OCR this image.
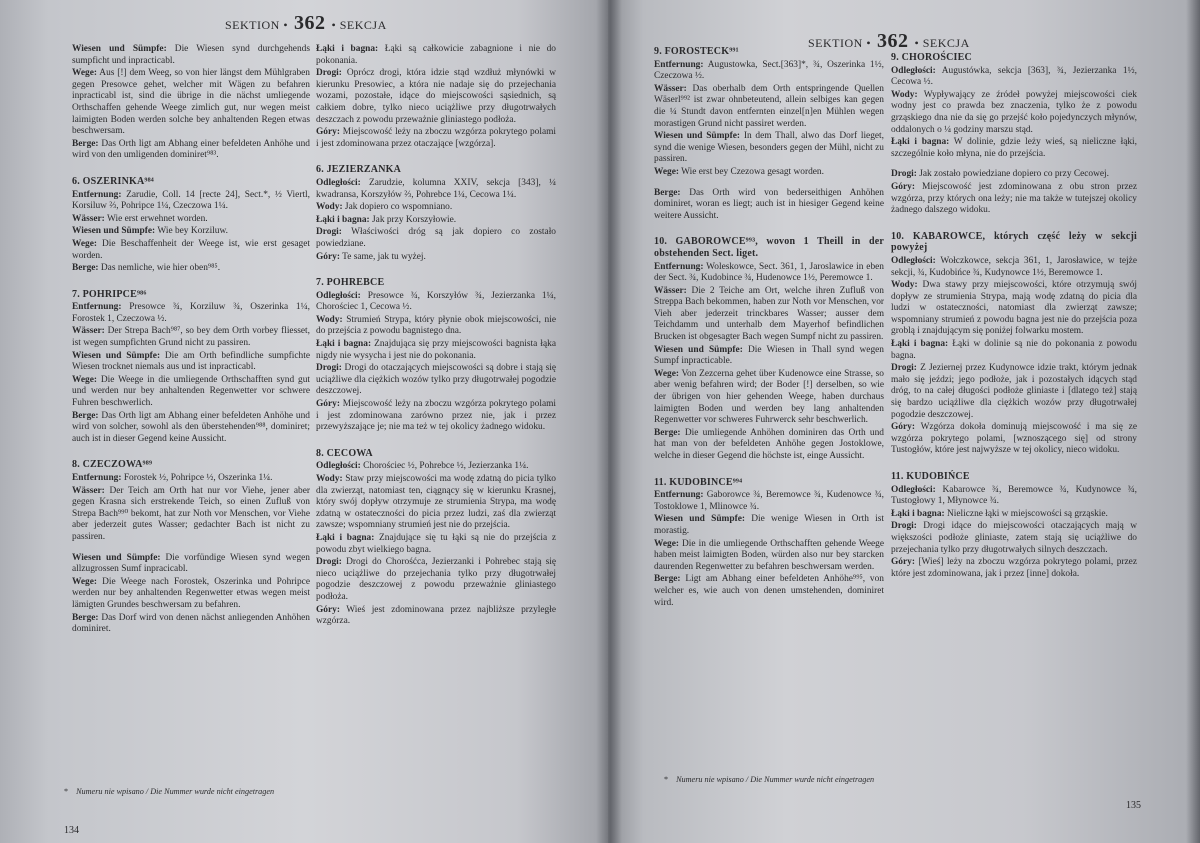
SEKTION • 362 • SEKCJA
Wiesen und Sümpfe: Die Wiesen synd durchgehends sumpficht und inpracticabl.
Wege: Aus [!] dem Weeg, so von hier längst dem Mühlgraben gegen Presowce gehet, welcher mit Wägen zu befahren inpracticabl ist, sind die übrige in die nächst umliegende Orthschaffen gehende Weege zimlich gut, nur wegen meist laimigten Boden werden solche bey anhaltenden Regen etwas beschwersam.
Berge: Das Orth ligt am Abhang einer befeldeten Anhöhe und wird von den umligenden dominiret⁹⁸³.
6. OSZERINKA⁹⁸⁴
Entfernung: Zarudie, Coll. 14 [recte 24], Sect.*, ½ Viertl, Korsiluw ⅔, Pohripce 1¼, Czeczowa 1¼.
Wässer: Wie erst erwehnet worden.
Wiesen und Sümpfe: Wie bey Korziluw.
Wege: Die Beschaffenheit der Weege ist, wie erst gesaget worden.
Berge: Das nemliche, wie hier oben⁹⁸⁵.
7. POHRIPCE⁹⁸⁶
Entfernung: Presowce ¾, Korziluw ¾, Oszerinka 1¼, Forostek 1, Czeczowa ½.
Wässer: Der Strepa Bach⁹⁸⁷, so bey dem Orth vorbey fliesset, ist wegen sumpfichten Grund nicht zu passiren.
Wiesen und Sümpfe: Die am Orth befindliche sumpfichte Wiesen trocknet niemals aus und ist inpracticabl.
Wege: Die Weege in die umliegende Orthschafften synd gut und werden nur bey anhaltenden Regenwetter vor schwere Fuhren beschwerlich.
Berge: Das Orth ligt am Abhang einer befeldeten Anhöhe und wird von solcher, sowohl als den überstehenden⁹⁸⁸, dominiret; auch ist in dieser Gegend keine Aussicht.
8. CZECZOWA⁹⁸⁹
Entfernung: Forostek ½, Pohripce ½, Oszerinka 1¼.
Wässer: Der Teich am Orth hat nur vor Viehe, jener aber gegen Krasna sich erstrekende Teich, so einen Zufluß von Strepa Bach⁹⁹⁰ bekomt, hat zur Noth vor Menschen, vor Viehe aber jederzeit gutes Wasser; gedachter Bach ist nicht zu passiren.
Wiesen und Sümpfe: Die vorfündige Wiesen synd wegen allzugrossen Sumf inpracicabl.
Wege: Die Weege nach Forostek, Oszerinka und Pohripce werden nur bey anhaltenden Regenwetter etwas wegen meist lämigten Grundes beschwersam zu befahren.
Berge: Das Dorf wird von denen nächst anliegenden Anhöhen dominiret.
Łąki i bagna: Łąki są całkowicie zabagnione i nie do pokonania.
Drogi: Oprócz drogi, która idzie stąd wzdłuż młynówki w kierunku Presowiec, a która nie nadaje się do przejechania wozami, pozostałe, idące do miejscowości sąsiednich, są całkiem dobre, tylko nieco uciążliwe przy długotrwałych deszczach z powodu przeważnie gliniastego podłoża.
Góry: Miejscowość leży na zboczu wzgórza pokrytego polami i jest zdominowana przez otaczające [wzgórza].
6. JEZIERZANKA
Odległości: Zarudzie, kolumna XXIV, sekcja [343], ¼ kwadransa, Korszyłów ⅔, Pohrebce 1¼, Cecowa 1¼.
Wody: Jak dopiero co wspomniano.
Łąki i bagna: Jak przy Korszyłowie.
Drogi: Właściwości dróg są jak dopiero co zostało powiedziane.
Góry: Te same, jak tu wyżej.
7. POHREBCE
Odległości: Presowce ¾, Korszyłów ¾, Jezierzanka 1¼, Chorościec 1, Cecowa ½.
Wody: Strumień Strypa, który płynie obok miejscowości, nie do przejścia z powodu bagnistego dna.
Łąki i bagna: Znajdująca się przy miejscowości bagnista łąka nigdy nie wysycha i jest nie do pokonania.
Drogi: Drogi do otaczających miejscowości są dobre i stają się uciążliwe dla ciężkich wozów tylko przy długotrwałej pogodzie deszczowej.
Góry: Miejscowość leży na zboczu wzgórza pokrytego polami i jest zdominowana zarówno przez nie, jak i przez przewyższające je; nie ma też w tej okolicy żadnego widoku.
8. CECOWA
Odległości: Chorościec ½, Pohrebce ½, Jezierzanka 1¼.
Wody: Staw przy miejscowości ma wodę zdatną do picia tylko dla zwierząt, natomiast ten, ciągnący się w kierunku Krasnej, który swój dopływ otrzymuje ze strumienia Strypa, ma wodę zdatną w ostateczności do picia przez ludzi, zaś dla zwierząt zawsze; wspomniany strumień jest nie do przejścia.
Łąki i bagna: Znajdujące się tu łąki są nie do przejścia z powodu zbyt wielkiego bagna.
Drogi: Drogi do Chorośćca, Jezierzanki i Pohrebec stają się nieco uciążliwe do przejechania tylko przy długotrwałej pogodzie deszczowej z powodu przeważnie gliniastego podłoża.
Góry: Wieś jest zdominowana przez najbliższe przyległe wzgórza.
* Numeru nie wpisano / Die Nummer wurde nicht eingetragen
134
SEKTION • 362 • SEKCJA
9. FOROSTECK⁹⁹¹
Entfernung: Augustowka, Sect.[363]*, ¾, Oszerinka 1½, Czeczowa ½.
Wässer: Das oberhalb dem Orth entspringende Quellen Wäserl⁹⁹² ist zwar ohnbeteutend, allein selbiges kan gegen die ¼ Stundt davon entfernten einzel[n]en Mühlen wegen morastigen Grund nicht passiret werden.
Wiesen und Sümpfe: In dem Thall, alwo das Dorf lieget, synd die wenige Wiesen, besonders gegen der Mühl, nicht zu passiren.
Wege: Wie erst bey Czezowa gesagt worden.
Berge: Das Orth wird von bederseithigen Anhöhen dominiret, woran es liegt; auch ist in hiesiger Gegend keine weitere Aussicht.
10. GABOROWCE⁹⁹³, wovon 1 Theill in der obstehenden Sect. liget.
Entfernung: Woleskowce, Sect. 361, 1, Jaroslawice in eben der Sect. ¾, Kudobince ¾, Hudenowce 1½, Peremowce 1.
Wässer: Die 2 Teiche am Ort, welche ihren Zufluß von Streppa Bach bekommen, haben zur Noth vor Menschen, vor Vieh aber jederzeit trinckbares Wasser; ausser dem Teichdamm und unterhalb dem Mayerhof befindlichen Brucken ist obgesagter Bach wegen Sumpf nicht zu passiren.
Wiesen und Sümpfe: Die Wiesen in Thall synd wegen Sumpf inpracticable.
Wege: Von Zezcerna gehet über Kudenowce eine Strasse, so aber wenig befahren wird; der Boder [!] derselben, so wie der übrigen von hier gehenden Weege, haben durchaus laimigten Boden und werden bey lang anhaltenden Regenwetter vor schweres Fuhrwerck sehr beschwerlich.
Berge: Die umliegende Anhöhen dominiren das Orth und hat man von der befeldeten Anhöhe gegen Jostoklowe, welche in dieser Gegend die höchste ist, einge Aussicht.
11. KUDOBINCE⁹⁹⁴
Entfernung: Gaborowce ¾, Beremowce ¾, Kudenowce ¾, Tostoklowe 1, Mlinowce ¾.
Wiesen und Sümpfe: Die wenige Wiesen in Orth ist morastig.
Wege: Die in die umliegende Orthschafften gehende Weege haben meist laimigten Boden, würden also nur bey starcken daurenden Regenwetter zu befahren beschwersam werden.
Berge: Ligt am Abhang einer befeldeten Anhöhe⁹⁹⁵, von welcher es, wie auch von denen umstehenden, dominiret wird.
9. CHOROŚCIEC
Odległości: Augustówka, sekcja [363], ¾, Jezierzanka 1½, Cecowa ½.
Wody: Wypływający ze źródeł powyżej miejscowości ciek wodny jest co prawda bez znaczenia, tylko że z powodu grząskiego dna nie da się go przejść koło pojedynczych młynów, oddalonych o ¼ godziny marszu stąd.
Łąki i bagna: W dolinie, gdzie leży wieś, są nieliczne łąki, szczególnie koło młyna, nie do przejścia.
Drogi: Jak zostało powiedziane dopiero co przy Cecowej.
Góry: Miejscowość jest zdominowana z obu stron przez wzgórza, przy których ona leży; nie ma także w tutejszej okolicy żadnego dalszego widoku.
10. KABAROWCE, których część leży w sekcji powyżej
Odległości: Wołczkowce, sekcja 361, 1, Jarosławice, w tejże sekcji, ¾, Kudobińce ¾, Kudynowce 1½, Beremowce 1.
Wody: Dwa stawy przy miejscowości, które otrzymują swój dopływ ze strumienia Strypa, mają wodę zdatną do picia dla ludzi w ostateczności, natomiast dla zwierząt zawsze; wspomniany strumień z powodu bagna jest nie do przejścia poza groblą i znajdującym się poniżej folwarku mostem.
Łąki i bagna: Łąki w dolinie są nie do pokonania z powodu bagna.
Drogi: Z Jeziernej przez Kudynowce idzie trakt, którym jednak mało się jeździ; jego podłoże, jak i pozostałych idących stąd dróg, to na całej długości podłoże gliniaste i [dlatego też] stają się bardzo uciążliwe dla ciężkich wozów przy długotrwałej pogodzie deszczowej.
Góry: Wzgórza dokoła dominują miejscowość i ma się ze wzgórza pokrytego polami, [wznoszącego się] od strony Tustogłów, które jest najwyższe w tej okolicy, nieco widoku.
11. KUDOBIŃCE
Odległości: Kabarowce ¾, Beremowce ¾, Kudynowce ¾, Tustogłowy 1, Młynowce ¾.
Łąki i bagna: Nieliczne łąki w miejscowości są grząskie.
Drogi: Drogi idące do miejscowości otaczających mają w większości podłoże gliniaste, zatem stają się uciążliwe do przejechania tylko przy długotrwałych silnych deszczach.
Góry: [Wieś] leży na zboczu wzgórza pokrytego polami, przez które jest zdominowana, jak i przez [inne] dokoła.
* Numeru nie wpisano / Die Nummer wurde nicht eingetragen
135
